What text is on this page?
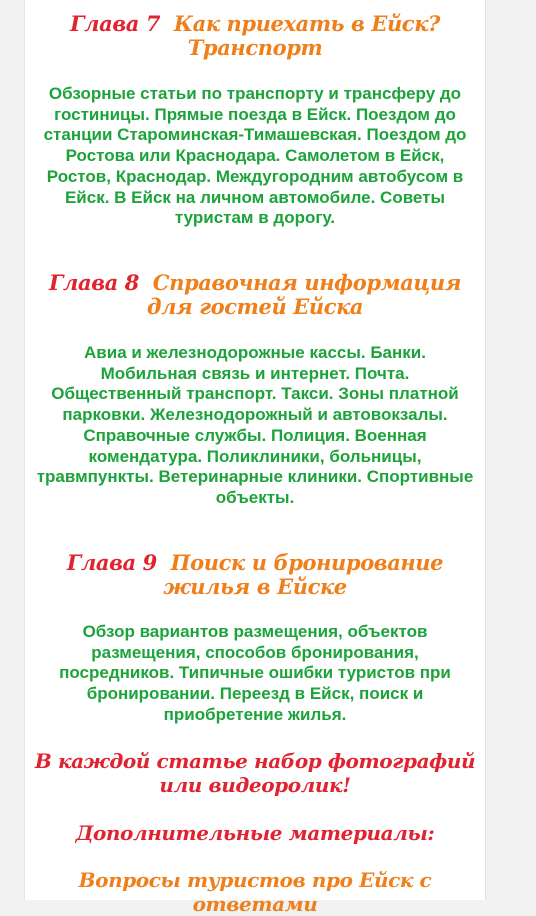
Глава 7 Как приехать в Ейск? Транспорт
Обзорные статьи по транспорту и трансферу до гостиницы. Прямые поезда в Ейск. Поездом до станции Староминская-Тимашевская. Поездом до Ростова или Краснодара. Самолетом в Ейск, Ростов, Краснодар. Междугородним автобусом в Ейск. В Ейск на личном автомобиле. Советы туристам в дорогу.
Глава 8 Справочная информация для гостей Ейска
Авиа и железнодорожные кассы. Банки. Мобильная связь и интернет. Почта. Общественный транспорт. Такси. Зоны платной парковки. Железнодорожный и автовокзалы. Справочные службы. Полиция. Военная комендатура. Поликлиники, больницы, травмпункты. Ветеринарные клиники. Спортивные объекты.
Глава 9 Поиск и бронирование жилья в Ейске
Обзор вариантов размещения, объектов размещения, способов бронирования, посредников. Типичные ошибки туристов при бронировании. Переезд в Ейск, поиск и приобретение жилья.
В каждой статье набор фотографий или видеоролик!
Дополнительные материалы:
Вопросы туристов про Ейск с ответами
